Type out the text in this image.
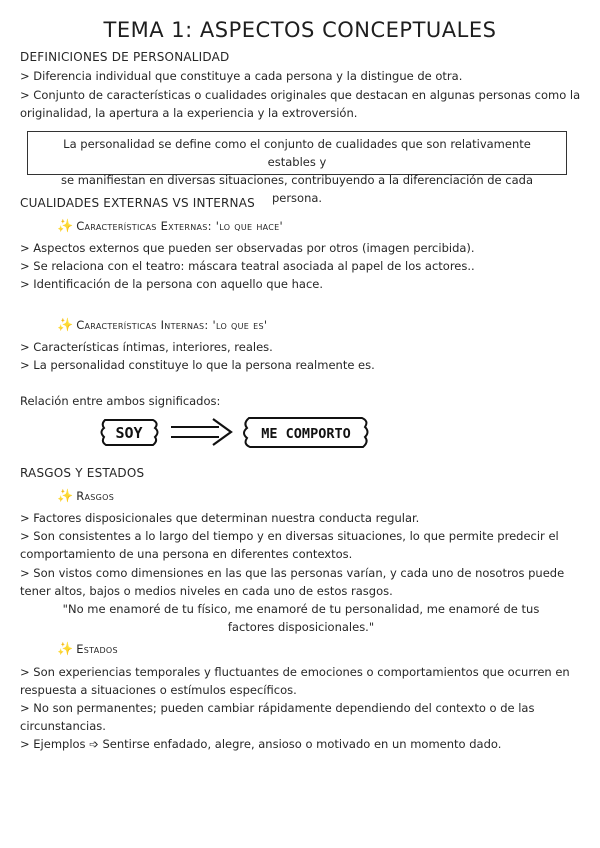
TEMA 1: ASPECTOS CONCEPTUALES
DEFINICIONES DE PERSONALIDAD
> Diferencia individual que constituye a cada persona y la distingue de otra.
> Conjunto de características o cualidades originales que destacan en algunas personas como la
originalidad, la apertura a la experiencia y la extroversión.
La personalidad se define como el conjunto de cualidades que son relativamente estables y
se manifiestan en diversas situaciones, contribuyendo a la diferenciación de cada persona.
CUALIDADES EXTERNAS VS INTERNAS
✨ Características Externas: 'lo que hace'
> Aspectos externos que pueden ser observadas por otros (imagen percibida).
> Se relaciona con el teatro: máscara teatral asociada al papel de los actores..
> Identificación de la persona con aquello que hace.
✨ Características Internas: 'lo que es'
> Características íntimas, interiores, reales.
> La personalidad constituye lo que la persona realmente es.
Relación entre ambos significados:
SOY	ME COMPORTO
RASGOS Y ESTADOS
✨ Rasgos
> Factores disposicionales que determinan nuestra conducta regular.
> Son consistentes a lo largo del tiempo y en diversas situaciones, lo que permite predecir el
comportamiento de una persona en diferentes contextos.
> Son vistos como dimensiones en las que las personas varían, y cada uno de nosotros puede
tener altos, bajos o medios niveles en cada uno de estos rasgos.
"No me enamoré de tu físico, me enamoré de tu personalidad, me enamoré de tus
factores disposicionales."
✨ Estados
> Son experiencias temporales y fluctuantes de emociones o comportamientos que ocurren en
respuesta a situaciones o estímulos específicos.
> No son permanentes; pueden cambiar rápidamente dependiendo del contexto o de las
circunstancias.
> Ejemplos ➩ Sentirse enfadado, alegre, ansioso o motivado en un momento dado.
